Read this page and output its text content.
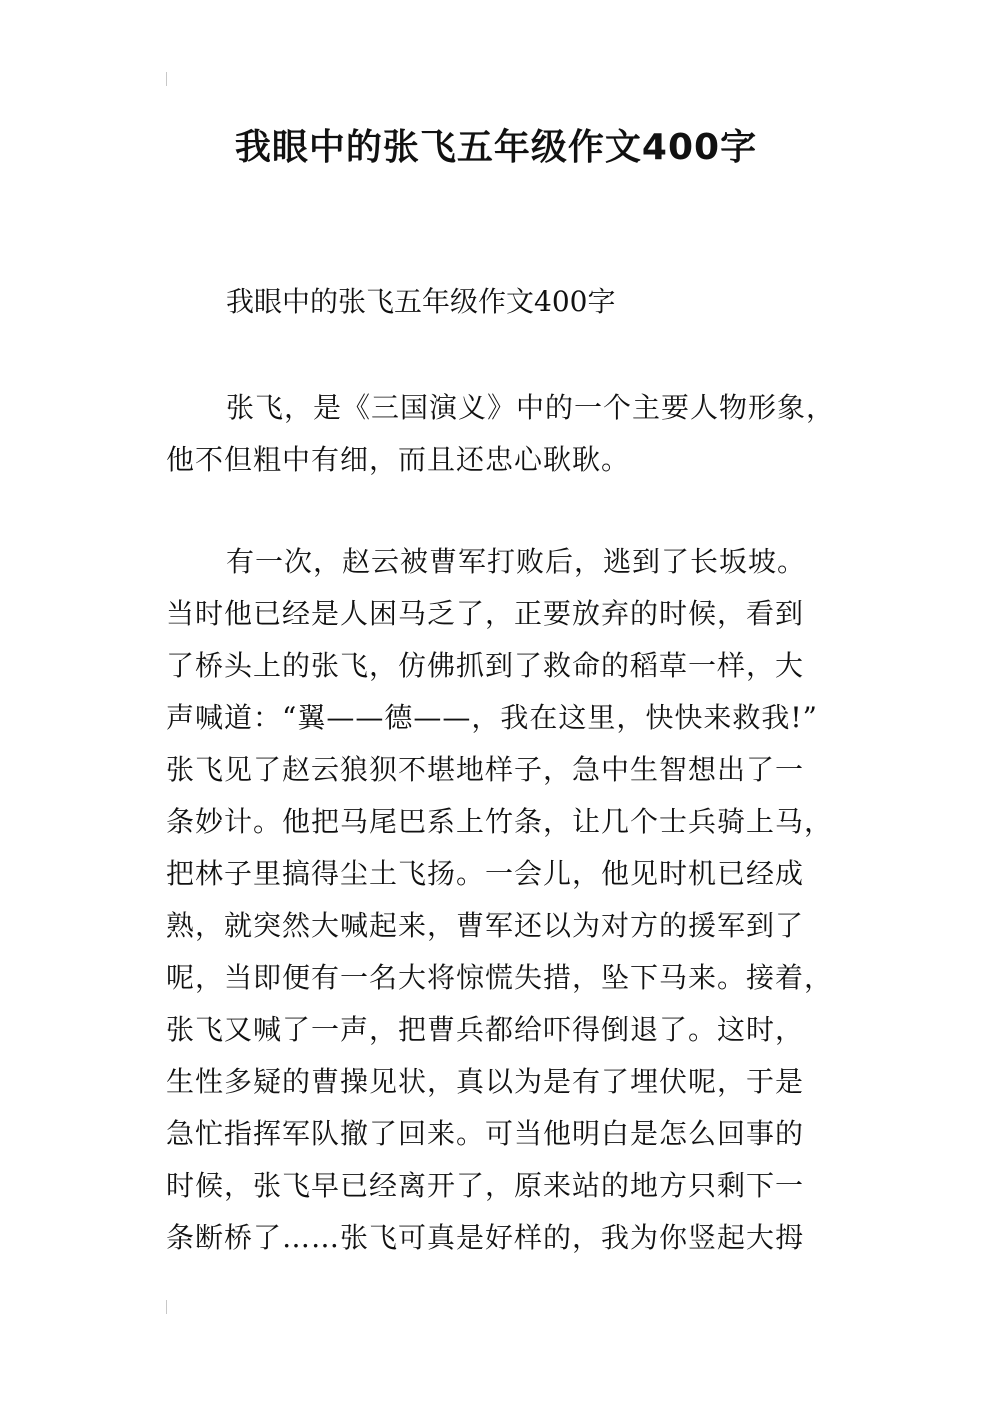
我眼中的张飞五年级作文400字
我眼中的张飞五年级作文400字
张飞，是《三国演义》中的一个主要人物形象，
他不但粗中有细，而且还忠心耿耿。
有一次，赵云被曹军打败后，逃到了长坂坡。
当时他已经是人困马乏了，正要放弃的时候，看到
了桥头上的张飞，仿佛抓到了救命的稻草一样，大
声喊道：“翼——德——，我在这里，快快来救我!”
张飞见了赵云狼狈不堪地样子，急中生智想出了一
条妙计。他把马尾巴系上竹条，让几个士兵骑上马，
把林子里搞得尘土飞扬。一会儿，他见时机已经成
熟，就突然大喊起来，曹军还以为对方的援军到了
呢，当即便有一名大将惊慌失措，坠下马来。接着，
张飞又喊了一声，把曹兵都给吓得倒退了。这时，
生性多疑的曹操见状，真以为是有了埋伏呢，于是
急忙指挥军队撤了回来。可当他明白是怎么回事的
时候，张飞早已经离开了，原来站的地方只剩下一
条断桥了……张飞可真是好样的，我为你竖起大拇
